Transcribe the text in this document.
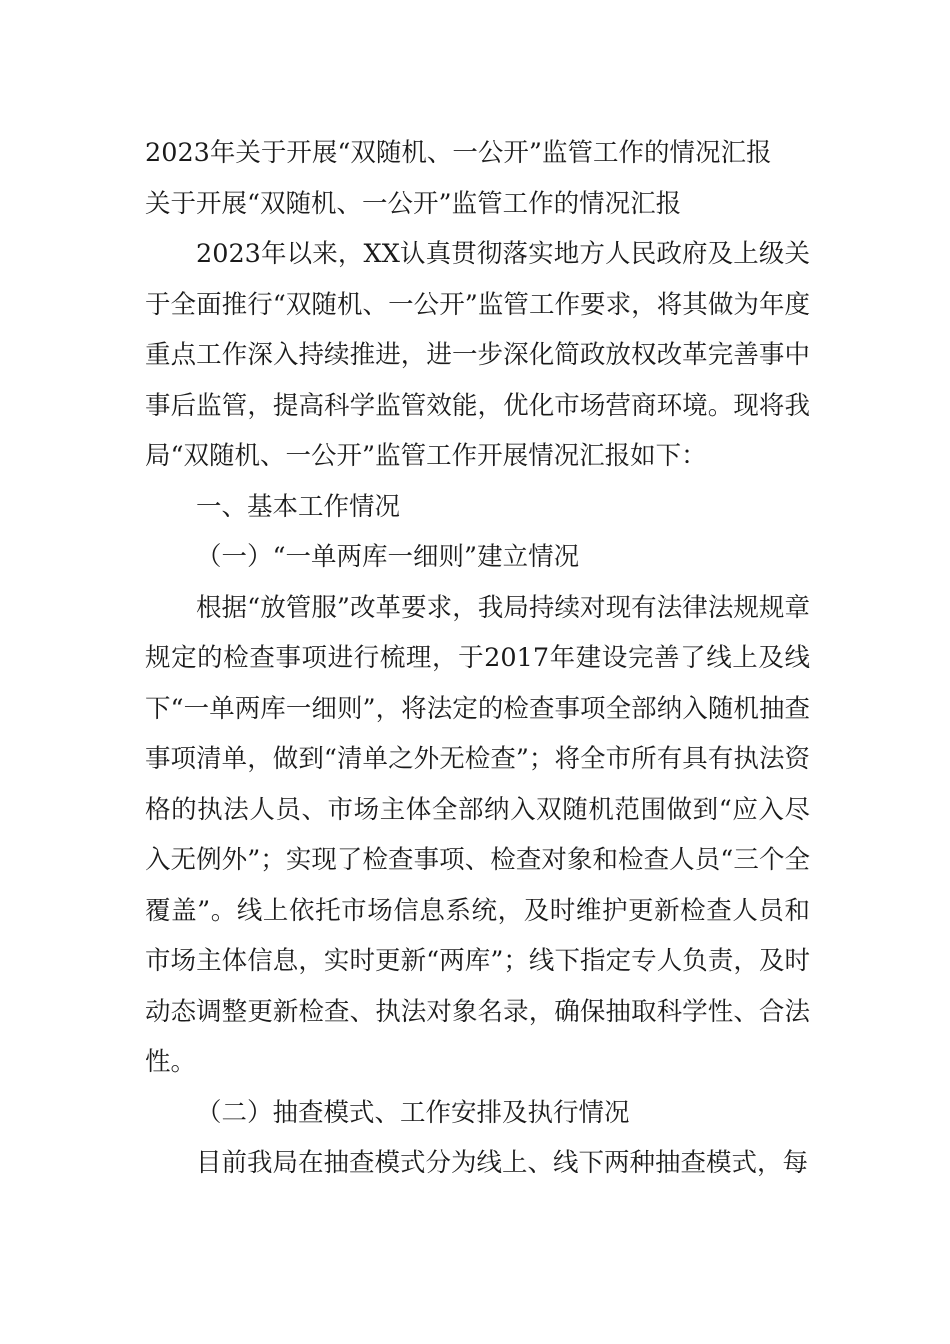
2023年关于开展“双随机、一公开”监管工作的情况汇报

关于开展“双随机、一公开”监管工作的情况汇报

2023年以来，XX认真贯彻落实地方人民政府及上级关于全面推行“双随机、一公开”监管工作要求，将其做为年度重点工作深入持续推进，进一步深化简政放权改革完善事中事后监管，提高科学监管效能，优化市场营商环境。现将我局“双随机、一公开”监管工作开展情况汇报如下：

一、基本工作情况

（一）“一单两库一细则”建立情况

根据“放管服”改革要求，我局持续对现有法律法规规章规定的检查事项进行梳理，于2017年建设完善了线上及线下“一单两库一细则”，将法定的检查事项全部纳入随机抽查事项清单，做到“清单之外无检查”；将全市所有具有执法资格的执法人员、市场主体全部纳入双随机范围做到“应入尽入无例外”；实现了检查事项、检查对象和检查人员“三个全覆盖”。线上依托市场信息系统，及时维护更新检查人员和市场主体信息，实时更新“两库”；线下指定专人负责，及时动态调整更新检查、执法对象名录，确保抽取科学性、合法性。

（二）抽查模式、工作安排及执行情况

目前我局在抽查模式分为线上、线下两种抽查模式，每
